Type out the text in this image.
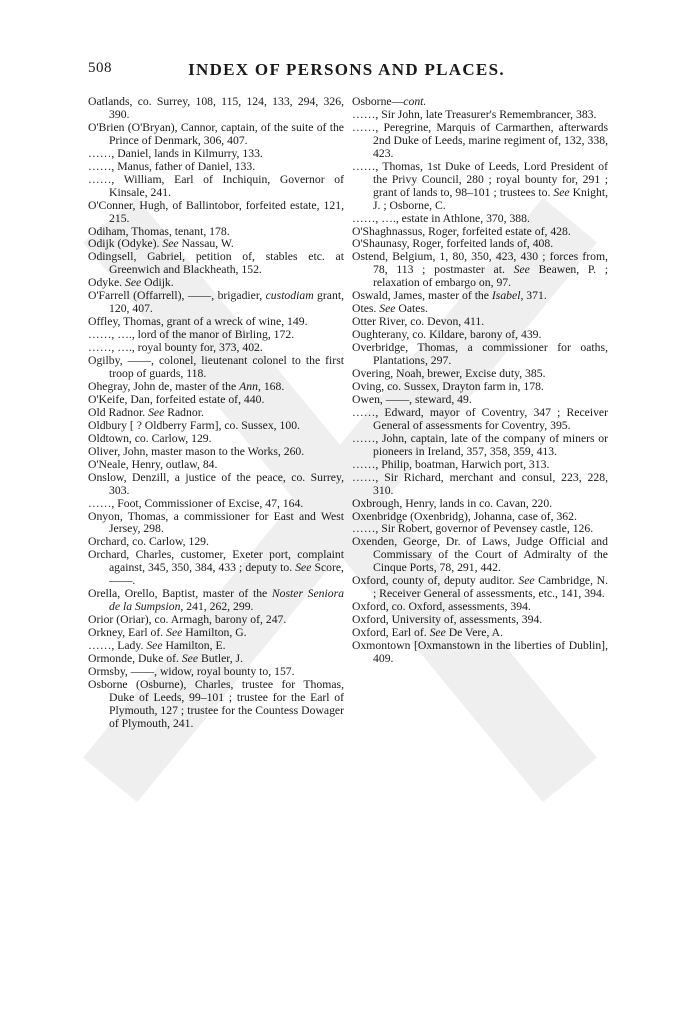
508	INDEX OF PERSONS AND PLACES.

Oatlands, co. Surrey, 108, 115, 124, 133, 294, 326, 390.

O'Brien (O'Bryan), Cannor, captain, of the suite of the Prince of Denmark, 306, 407.

……, Daniel, lands in Kilmurry, 133.

……, Manus, father of Daniel, 133.

……, William, Earl of Inchiquin, Governor of Kinsale, 241.

O'Conner, Hugh, of Ballintobor, forfeited estate, 121, 215.

Odiham, Thomas, tenant, 178.

Odijk (Odyke). See Nassau, W.

Odingsell, Gabriel, petition of, stables etc. at Greenwich and Blackheath, 152.

Odyke. See Odijk.

O'Farrell (Offarrell), ——, brigadier, custodiam grant, 120, 407.

Offley, Thomas, grant of a wreck of wine, 149.

……, …., lord of the manor of Birling, 172.

……, …., royal bounty for, 373, 402.

Ogilby, ——, colonel, lieutenant colonel to the first troop of guards, 118.

Ohegray, John de, master of the Ann, 168.

O'Keife, Dan, forfeited estate of, 440.

Old Radnor. See Radnor.

Oldbury [ ? Oldberry Farm], co. Sussex, 100.

Oldtown, co. Carlow, 129.

Oliver, John, master mason to the Works, 260.

O'Neale, Henry, outlaw, 84.

Onslow, Denzill, a justice of the peace, co. Surrey, 303.

……, Foot, Commissioner of Excise, 47, 164.

Onyon, Thomas, a commissioner for East and West Jersey, 298.

Orchard, co. Carlow, 129.

Orchard, Charles, customer, Exeter port, complaint against, 345, 350, 384, 433 ; deputy to. See Score, ——.

Orella, Orello, Baptist, master of the Noster Seniora de la Sumpsion, 241, 262, 299.

Orior (Oriar), co. Armagh, barony of, 247.

Orkney, Earl of. See Hamilton, G.

……, Lady. See Hamilton, E.

Ormonde, Duke of. See Butler, J.

Ormsby, ——, widow, royal bounty to, 157.

Osborne (Osburne), Charles, trustee for Thomas, Duke of Leeds, 99–101 ; trustee for the Earl of Plymouth, 127 ; trustee for the Countess Dowager of Plymouth, 241.

Osborne—cont.

……, Sir John, late Treasurer's Remembrancer, 383.

……, Peregrine, Marquis of Carmarthen, afterwards 2nd Duke of Leeds, marine regiment of, 132, 338, 423.

……, Thomas, 1st Duke of Leeds, Lord President of the Privy Council, 280 ; royal bounty for, 291 ; grant of lands to, 98–101 ; trustees to. See Knight, J. ; Osborne, C.

……, …., estate in Athlone, 370, 388.

O'Shaghnassus, Roger, forfeited estate of, 428.

O'Shaunasy, Roger, forfeited lands of, 408.

Ostend, Belgium, 1, 80, 350, 423, 430 ; forces from, 78, 113 ; postmaster at. See Beawen, P. ; relaxation of embargo on, 97.

Oswald, James, master of the Isabel, 371.

Otes. See Oates.

Otter River, co. Devon, 411.

Oughterany, co. Kildare, barony of, 439.

Overbridge, Thomas, a commissioner for oaths, Plantations, 297.

Overing, Noah, brewer, Excise duty, 385.

Oving, co. Sussex, Drayton farm in, 178.

Owen, ——, steward, 49.

……, Edward, mayor of Coventry, 347 ; Receiver General of assessments for Coventry, 395.

……, John, captain, late of the company of miners or pioneers in Ireland, 357, 358, 359, 413.

……, Philip, boatman, Harwich port, 313.

……, Sir Richard, merchant and consul, 223, 228, 310.

Oxbrough, Henry, lands in co. Cavan, 220.

Oxenbridge (Oxenbridg), Johanna, case of, 362.

……, Sir Robert, governor of Pevensey castle, 126.

Oxenden, George, Dr. of Laws, Judge Official and Commissary of the Court of Admiralty of the Cinque Ports, 78, 291, 442.

Oxford, county of, deputy auditor. See Cambridge, N. ; Receiver General of assessments, etc., 141, 394.

Oxford, co. Oxford, assessments, 394.

Oxford, University of, assessments, 394.

Oxford, Earl of. See De Vere, A.

Oxmontown [Oxmanstown in the liberties of Dublin], 409.
